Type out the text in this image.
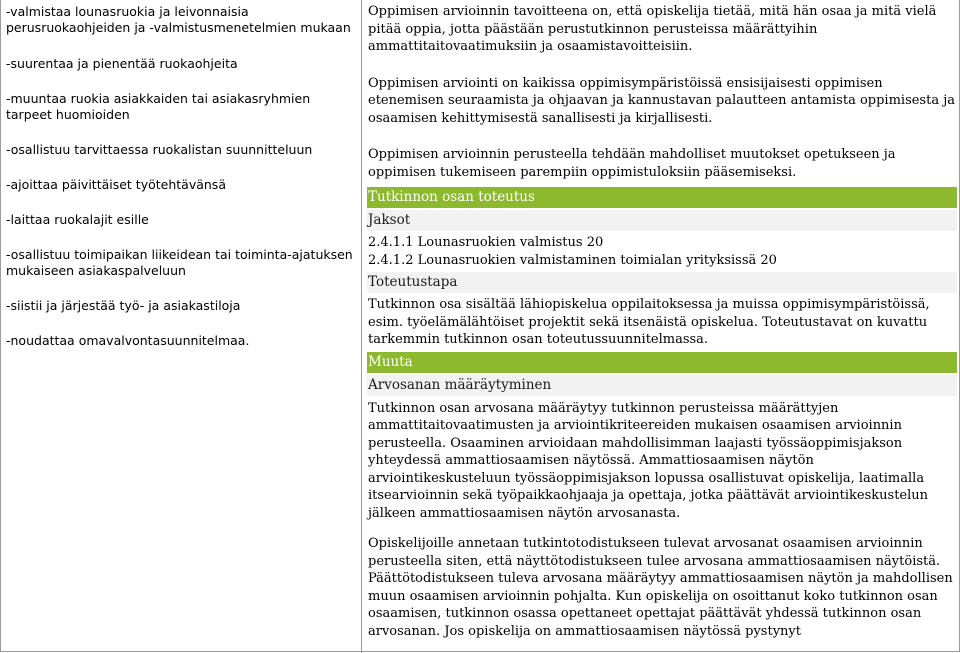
-valmistaa lounasruokia ja leivonnaisia perusruokaohjeiden ja -valmistusmenetelmien mukaan

-suurentaa ja pienentää ruokaohjeita

-muuntaa ruokia asiakkaiden tai asiakasryhmien tarpeet huomioiden

-osallistuu tarvittaessa ruokalistan suunnitteluun

-ajoittaa päivittäiset työtehtävänsä

-laittaa ruokalajit esille

-osallistuu toimipaikan liikeidean tai toiminta-ajatuksen mukaiseen asiakaspalveluun

-siistii ja järjestää työ- ja asiakastiloja

-noudattaa omavalvontasuunnitelmaa.

Oppimisen arvioinnin tavoitteena on, että opiskelija tietää, mitä hän osaa ja mitä vielä pitää oppia, jotta päästään perustutkinnon perusteissa määrättyihin ammattitaitovaatimuksiin ja osaamistavoitteisiin.

Oppimisen arviointi on kaikissa oppimisympäristöissä ensisijaisesti oppimisen etenemisen seuraamista ja ohjaavan ja kannustavan palautteen antamista oppimisesta ja osaamisen kehittymisestä sanallisesti ja kirjallisesti.

Oppimisen arvioinnin perusteella tehdään mahdolliset muutokset opetukseen ja oppimisen tukemiseen parempiin oppimistuloksiin pääsemiseksi.

Tutkinnon osan toteutus
Jaksot

2.4.1.1 Lounasruokien valmistus 20

2.4.1.2 Lounasruokien valmistaminen toimialan yrityksissä 20

Toteutustapa

Tutkinnon osa sisältää lähiopiskelua oppilaitoksessa ja muissa oppimisympäristöissä, esim. työelämälähtöiset projektit sekä itsenäistä opiskelua. Toteutustavat on kuvattu tarkemmin tutkinnon osan toteutussuunnitelmassa.

Muuta
Arvosanan määräytyminen

Tutkinnon osan arvosana määräytyy tutkinnon perusteissa määrättyjen ammattitaitovaatimusten ja arviointikriteereiden mukaisen osaamisen arvioinnin perusteella. Osaaminen arvioidaan mahdollisimman laajasti työssäoppimisjakson yhteydessä ammattiosaamisen näytössä. Ammattiosaamisen näytön arviointikeskusteluun työssäoppimisjakson lopussa osallistuvat opiskelija, laatimalla itsearvioinnin sekä työpaikkaohjaaja ja opettaja, jotka päättävät arviointikeskustelun jälkeen ammattiosaamisen näytön arvosanasta.

Opiskelijoille annetaan tutkintotodistukseen tulevat arvosanat osaamisen arvioinnin perusteella siten, että näyttötodistukseen tulee arvosana ammattiosaamisen näytöistä. Päättötodistukseen tuleva arvosana määräytyy ammattiosaamisen näytön ja mahdollisen muun osaamisen arvioinnin pohjalta. Kun opiskelija on osoittanut koko tutkinnon osan osaamisen, tutkinnon osassa opettaneet opettajat päättävät yhdessä tutkinnon osan arvosanan. Jos opiskelija on ammattiosaamisen näytössä pystynyt
